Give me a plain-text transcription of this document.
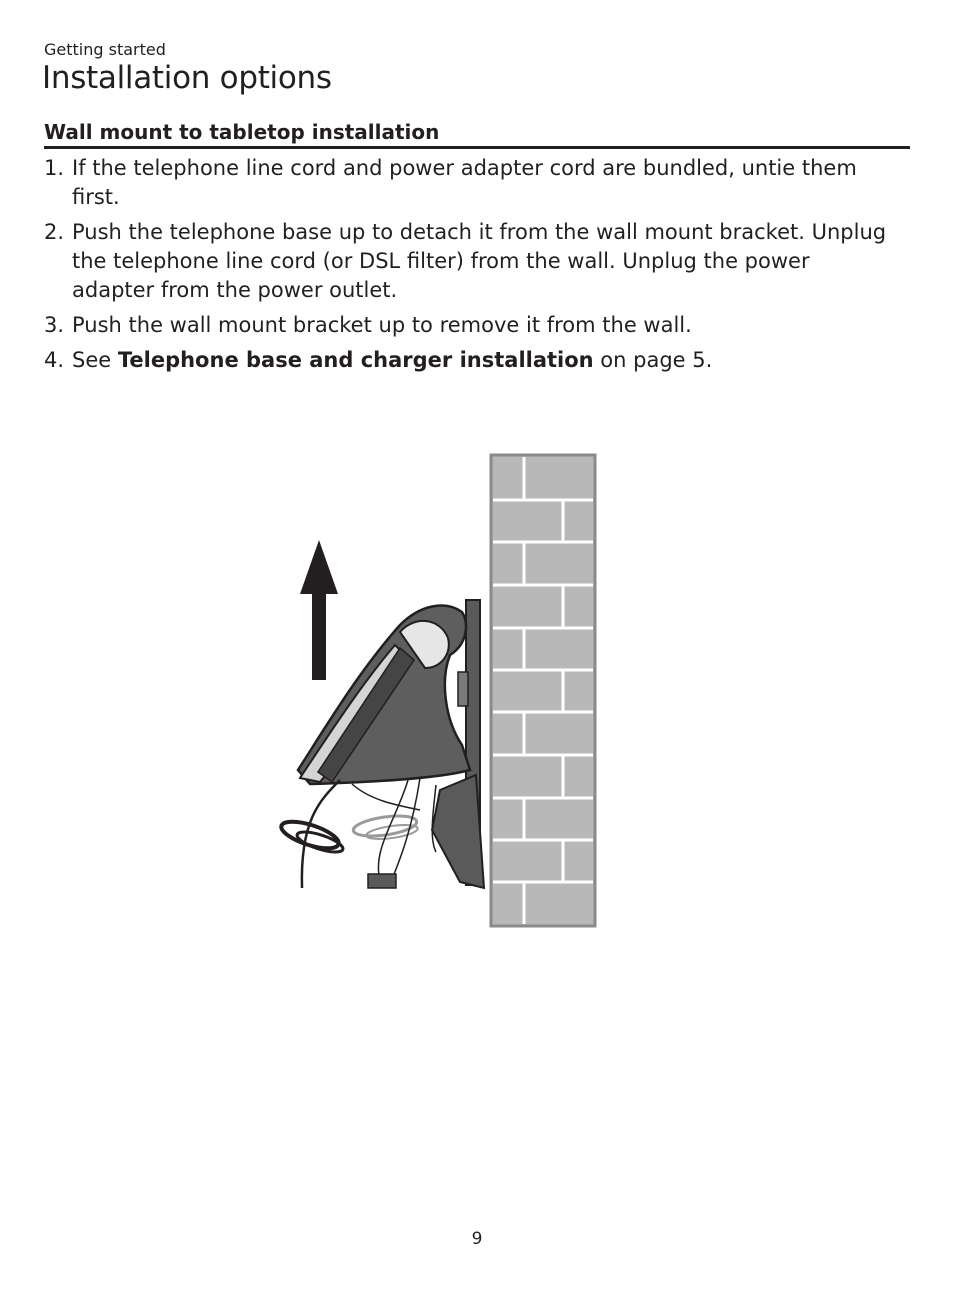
Getting started
Installation options
Wall mount to tabletop installation
1. If the telephone line cord and power adapter cord are bundled, untie them first.
2. Push the telephone base up to detach it from the wall mount bracket. Unplug the telephone line cord (or DSL filter) from the wall. Unplug the power adapter from the power outlet.
3. Push the wall mount bracket up to remove it from the wall.
4. See Telephone base and charger installation on page 5.
9
